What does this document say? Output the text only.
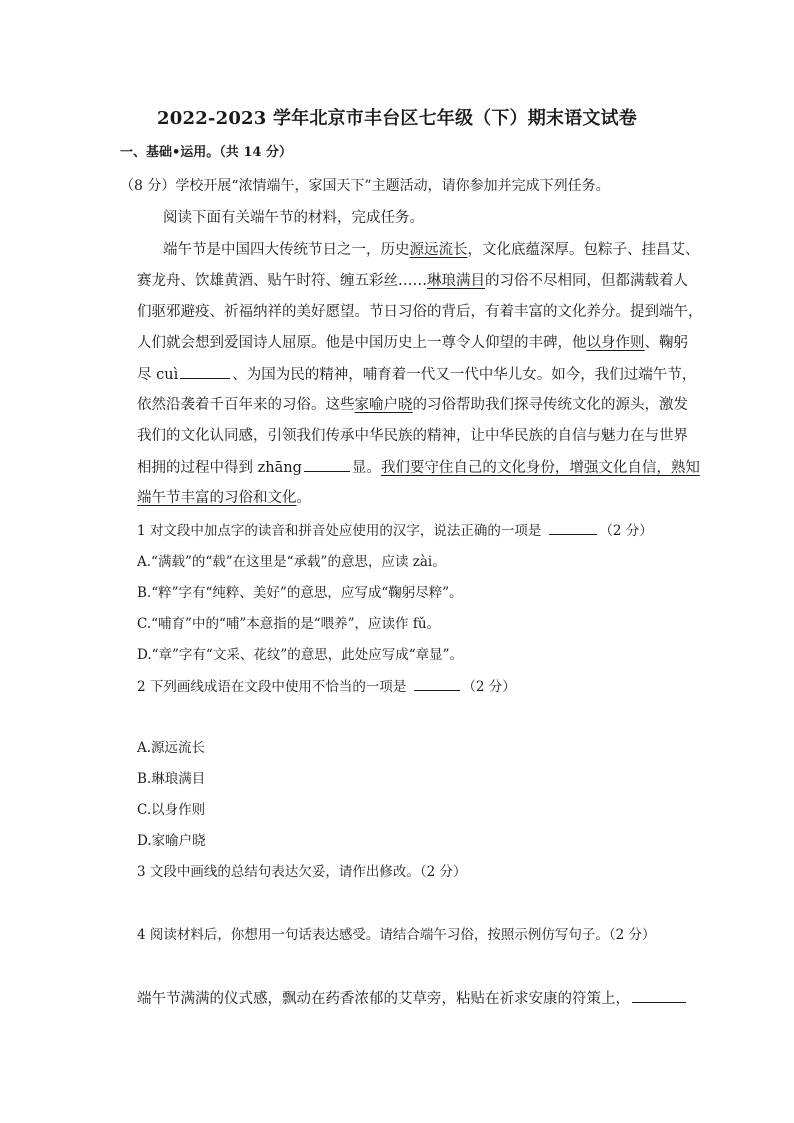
2022-2023 学年北京市丰台区七年级（下）期末语文试卷
一、基础•运用。（共 14 分）
（8 分）学校开展“浓情端午，家国天下”主题活动，请你参加并完成下列任务。
阅读下面有关端午节的材料，完成任务。
端午节是中国四大传统节日之一，历史源远流长，文化底蕴深厚。包粽子、挂昌艾、
赛龙舟、饮雄黄酒、贴午时符、缠五彩丝……琳琅满目的习俗不尽相同，但都满载着人
们驱邪避疫、祈福纳祥的美好愿望。节日习俗的背后，有着丰富的文化养分。提到端午，
人们就会想到爱国诗人屈原。他是中国历史上一尊令人仰望的丰碑，他以身作则、鞠躬
尽 cuì	、为国为民的精神，哺育着一代又一代中华儿女。如今，我们过端午节，
依然沿袭着千百年来的习俗。这些家喻户晓的习俗帮助我们探寻传统文化的源头，激发
我们的文化认同感，引领我们传承中华民族的精神，让中华民族的自信与魅力在与世界
相拥的过程中得到 zhāng	显。我们要守住自己的文化身份，增强文化自信，熟知
端午节丰富的习俗和文化。
1 对文段中加点字的读音和拼音处应使用的汉字，说法正确的一项是	（2 分）
A.“满载”的“载”在这里是“承载”的意思，应读 zài。
B.“粹”字有“纯粹、美好”的意思，应写成“鞠躬尽粹”。
C.“哺育”中的“哺”本意指的是“喂养”，应读作 fǔ。
D.“章”字有“文采、花纹”的意思，此处应写成“章显”。
2 下列画线成语在文段中使用不恰当的一项是	（2 分）
A.源远流长
B.琳琅满目
C.以身作则
D.家喻户晓
3 文段中画线的总结句表达欠妥，请作出修改。（2 分）
4 阅读材料后，你想用一句话表达感受。请结合端午习俗，按照示例仿写句子。（2 分）
端午节满满的仪式感，飘动在药香浓郁的艾草旁，粘贴在祈求安康的符策上，
